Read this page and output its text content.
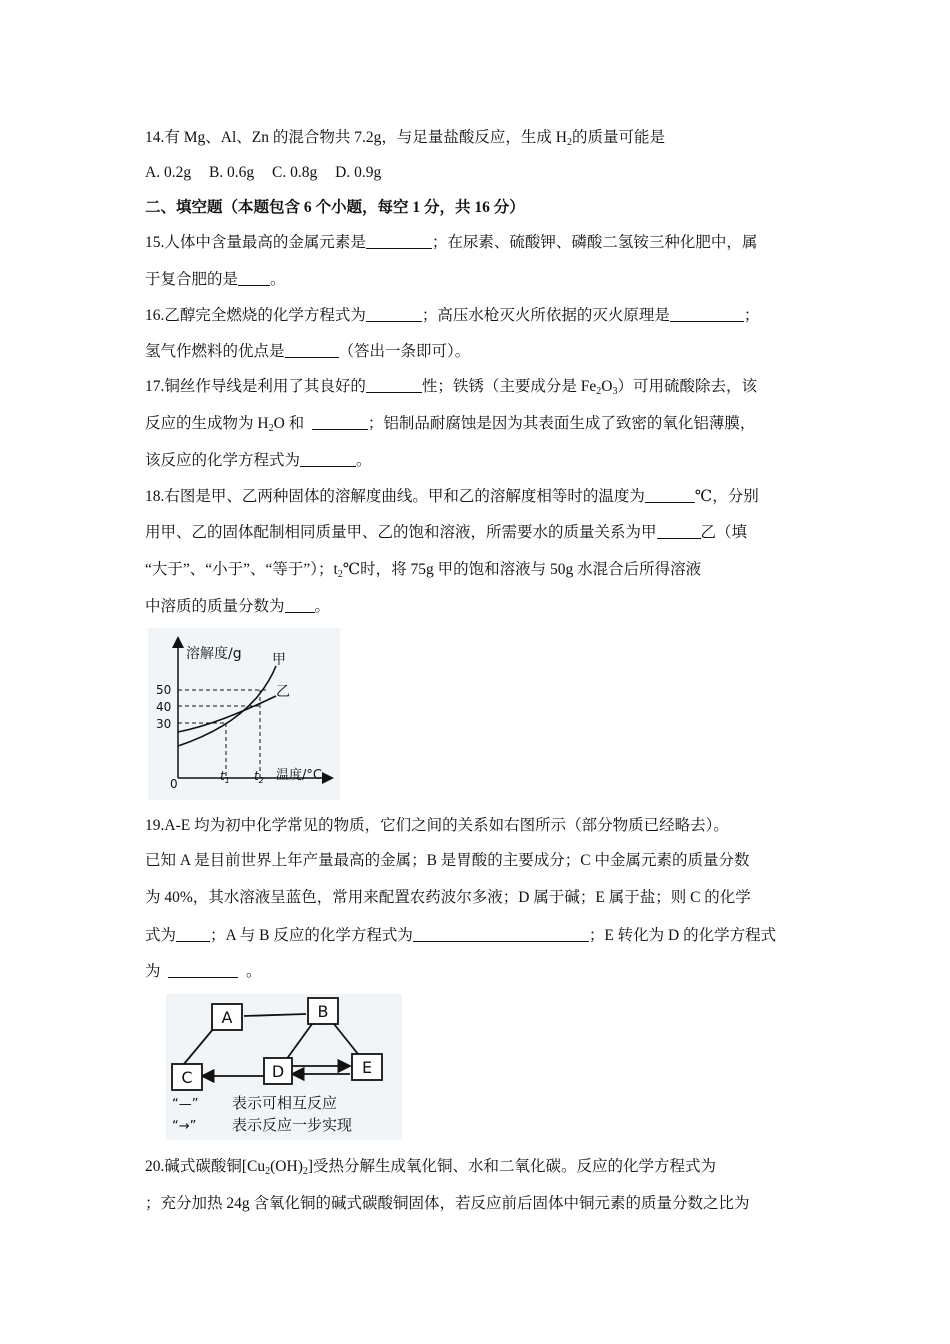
14.有 Mg、Al、Zn 的混合物共 7.2g，与足量盐酸反应，生成 $H_2$的质量可能是
A. 0.2g B. 0.6g C. 0.8g D. 0.9g
二、填空题（本题包含 6 个小题，每空 1 分，共 16 分）
15.人体中含量最高的金属元素是	；在尿素、硫酸钾、磷酸二氢铵三种化肥中，属
于复合肥的是 。
16.乙醇完全燃烧的化学方程式为	；高压水枪灭火所依据的灭火原理是	；
氢气作燃料的优点是	（答出一条即可）。
17.铜丝作导线是利用了其良好的	性；铁锈（主要成分是 $Fe_2O_3$）可用硫酸除去，该
反应的生成物为 $H_2O$ 和	；铝制品耐腐蚀是因为其表面生成了致密的氧化铝薄膜，
该反应的化学方程式为	。
18.右图是甲、乙两种固体的溶解度曲线。甲和乙的溶解度相等时的温度为	℃，分别
用甲、乙的固体配制相同质量甲、乙的饱和溶液，所需要水的质量关系为甲	乙（填
“大于”、“小于”、“等于”）；$t_2℃$时，将 75g 甲的饱和溶液与 50g 水混合后所得溶液
中溶质的质量分数为 。
溶解度/g
温度/°C
0
50
40
30
甲
乙
$t_1$ $t_2$
19.A-E 均为初中化学常见的物质，它们之间的关系如右图所示（部分物质已经略去）。
已知 A 是目前世界上年产量最高的金属；B 是胃酸的主要成分；C 中金属元素的质量分数
为 40%，其水溶液呈蓝色，常用来配置农药波尔多液；D 属于碱；E 属于盐；则 C 的化学
式为 ；A 与 B 反应的化学方程式为	；E 转化为 D 的化学方程式
为	。
A	B
C	D	E
“—” 表示可相互反应
“→” 表示反应一步实现
20.碱式碳酸铜$[Cu_2(OH)_2]$受热分解生成氧化铜、水和二氧化碳。反应的化学方程式为
；充分加热 24g 含氧化铜的碱式碳酸铜固体，若反应前后固体中铜元素的质量分数之比为
